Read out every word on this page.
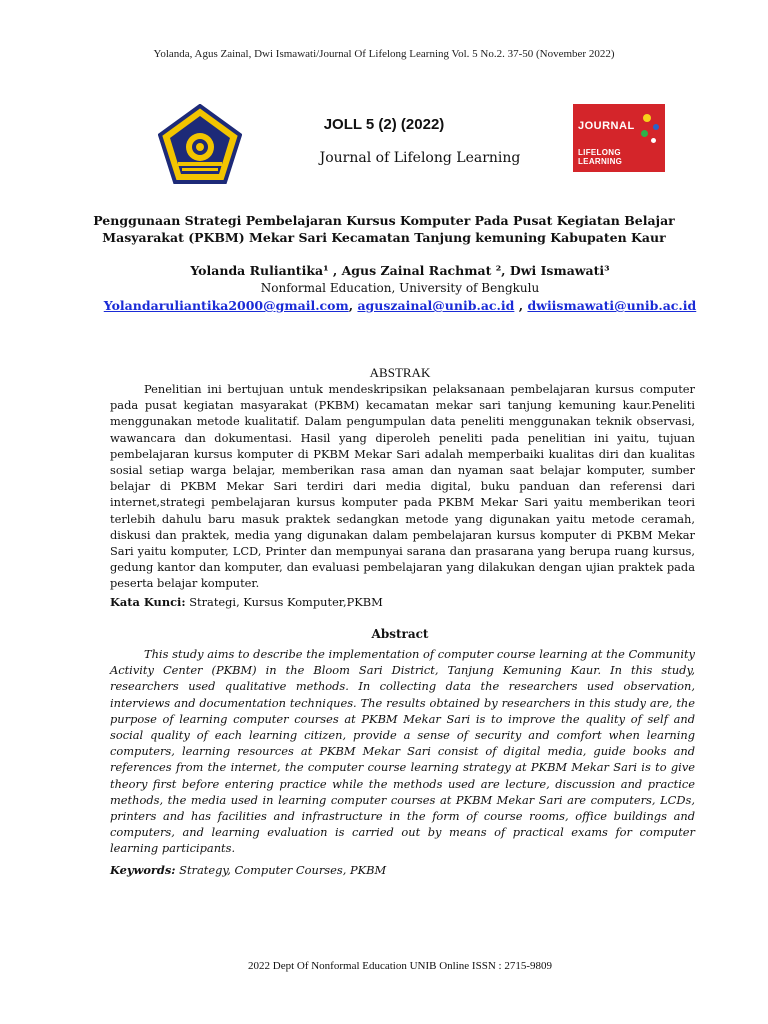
Yolanda, Agus Zainal, Dwi Ismawati/Journal Of Lifelong Learning Vol. 5 No.2. 37-50 (November 2022)
JOLL 5 (2) (2022)
Journal of Lifelong Learning
JOURNAL
LIFELONG LEARNING
Penggunaan Strategi Pembelajaran Kursus Komputer Pada Pusat Kegiatan Belajar
Masyarakat (PKBM) Mekar Sari Kecamatan Tanjung kemuning Kabupaten Kaur
Yolanda Ruliantika¹ , Agus Zainal Rachmat ², Dwi Ismawati³
Nonformal Education, University of Bengkulu
Yolandaruliantika2000@gmail.com, aguszainal@unib.ac.id , dwiismawati@unib.ac.id
ABSTRAK

Penelitian ini bertujuan untuk mendeskripsikan pelaksanaan pembelajaran kursus computer pada pusat kegiatan masyarakat (PKBM) kecamatan mekar sari tanjung kemuning kaur.Peneliti menggunakan metode kualitatif. Dalam pengumpulan data peneliti menggunakan teknik observasi, wawancara dan dokumentasi. Hasil yang diperoleh peneliti pada penelitian ini yaitu, tujuan pembelajaran kursus komputer di PKBM Mekar Sari adalah memperbaiki kualitas diri dan kualitas sosial setiap warga belajar, memberikan rasa aman dan nyaman saat belajar komputer, sumber belajar di PKBM Mekar Sari terdiri dari media digital, buku panduan dan referensi dari internet,strategi pembelajaran kursus komputer pada PKBM Mekar Sari yaitu memberikan teori terlebih dahulu baru masuk praktek sedangkan metode yang digunakan yaitu metode ceramah, diskusi dan praktek, media yang digunakan dalam pembelajaran kursus komputer di PKBM Mekar Sari yaitu komputer, LCD, Printer dan mempunyai sarana dan prasarana yang berupa ruang kursus, gedung kantor dan komputer, dan evaluasi pembelajaran yang dilakukan dengan ujian praktek pada peserta belajar komputer.

Kata Kunci: Strategi, Kursus Komputer,PKBM
Abstract

This study aims to describe the implementation of computer course learning at the Community Activity Center (PKBM) in the Bloom Sari District, Tanjung Kemuning Kaur. In this study, researchers used qualitative methods. In collecting data the researchers used observation, interviews and documentation techniques. The results obtained by researchers in this study are, the purpose of learning computer courses at PKBM Mekar Sari is to improve the quality of self and social quality of each learning citizen, provide a sense of security and comfort when learning computers, learning resources at PKBM Mekar Sari consist of digital media, guide books and references from the internet, the computer course learning strategy at PKBM Mekar Sari is to give theory first before entering practice while the methods used are lecture, discussion and practice methods, the media used in learning computer courses at PKBM Mekar Sari are computers, LCDs, printers and has facilities and infrastructure in the form of course rooms, office buildings and computers, and learning evaluation is carried out by means of practical exams for computer learning participants.

Keywords: Strategy, Computer Courses, PKBM
2022 Dept Of Nonformal Education UNIB Online ISSN : 2715-9809
